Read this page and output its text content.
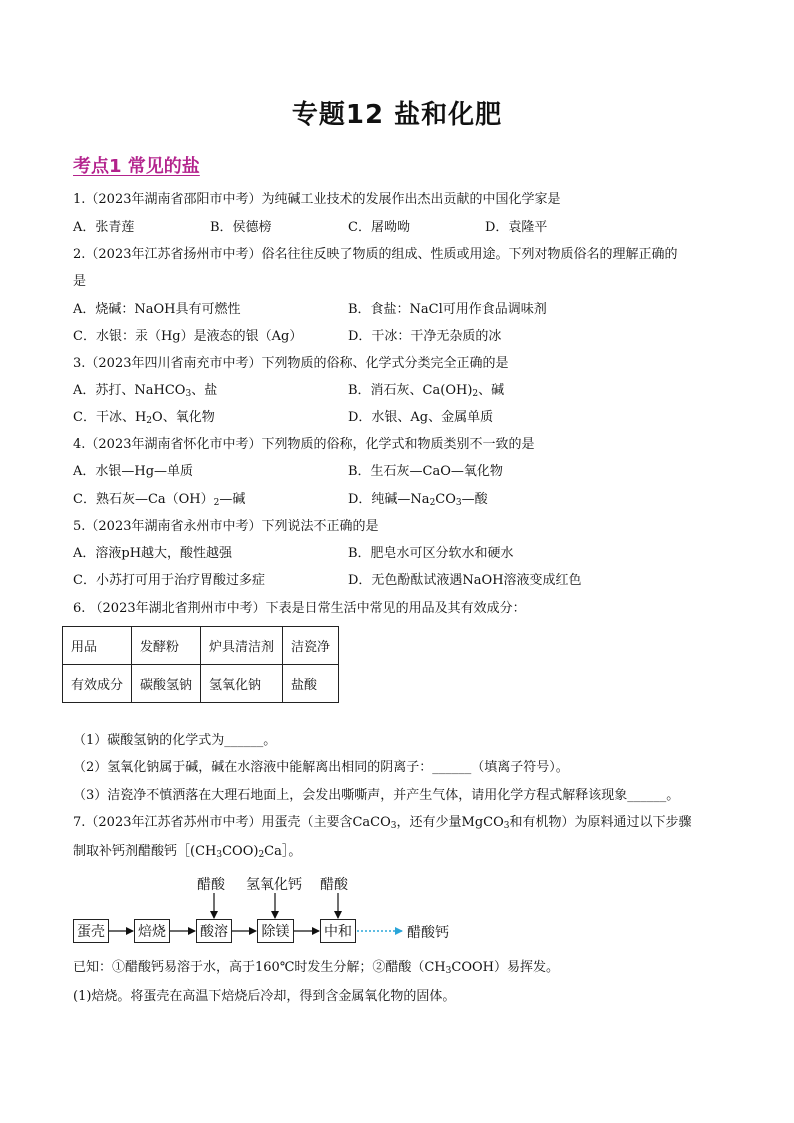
专题12 盐和化肥
考点1 常见的盐
1.（2023年湖南省邵阳市中考）为纯碱工业技术的发展作出杰出贡献的中国化学家是
A．张青莲	B．侯德榜	C．屠呦呦	D．袁隆平
2.（2023年江苏省扬州市中考）俗名往往反映了物质的组成、性质或用途。下列对物质俗名的理解正确的
是
A．烧碱：NaOH具有可燃性	B．食盐：NaCl可用作食品调味剂
C．水银：汞（Hg）是液态的银（Ag）	D．干冰：干净无杂质的冰
3.（2023年四川省南充市中考）下列物质的俗称、化学式分类完全正确的是
A．苏打、NaHCO$_3$、盐	B．消石灰、$Ca(OH)_2$、碱
C．干冰、$H_2O$、氧化物	D．水银、Ag、金属单质
4.（2023年湖南省怀化市中考）下列物质的俗称，化学式和物质类别不一致的是
A．水银—Hg—单质	B．生石灰—CaO—氧化物
C．熟石灰$—Ca(OH)_2—$碱	D．纯碱$—Na_2CO_3—$酸
5.（2023年湖南省永州市中考）下列说法不正确的是
A．溶液pH越大，酸性越强	B．肥皂水可区分软水和硬水
C．小苏打可用于治疗胃酸过多症	D．无色酚酞试液遇NaOH溶液变成红色
6. （2023年湖北省荆州市中考）下表是日常生活中常见的用品及其有效成分：
用品	发酵粉	炉具清洁剂	洁瓷净
有效成分	碳酸氢钠	氢氧化钠	盐酸
（1）碳酸氢钠的化学式为______。
（2）氢氧化钠属于碱，碱在水溶液中能解离出相同的阴离子：______（填离子符号）。
（3）洁瓷净不慎洒落在大理石地面上，会发出嘶嘶声，并产生气体，请用化学方程式解释该现象______。
7.（2023年江苏省苏州市中考）用蛋壳（主要含CaCO$_3$，还有少量MgCO$_3$和有机物）为原料通过以下步骤
制取补钙剂醋酸钙$[(CH_3COO)_2Ca]$。
醋酸 氢氧化钙 醋酸
蛋壳 焙烧 酸溶	除镁	中和	醋酸钙
已知：①醋酸钙易溶于水，高于160℃时发生分解；②醋酸$(CH_3COOH)$易挥发。
(1)焙烧。将蛋壳在高温下焙烧后冷却，得到含金属氧化物的固体。
